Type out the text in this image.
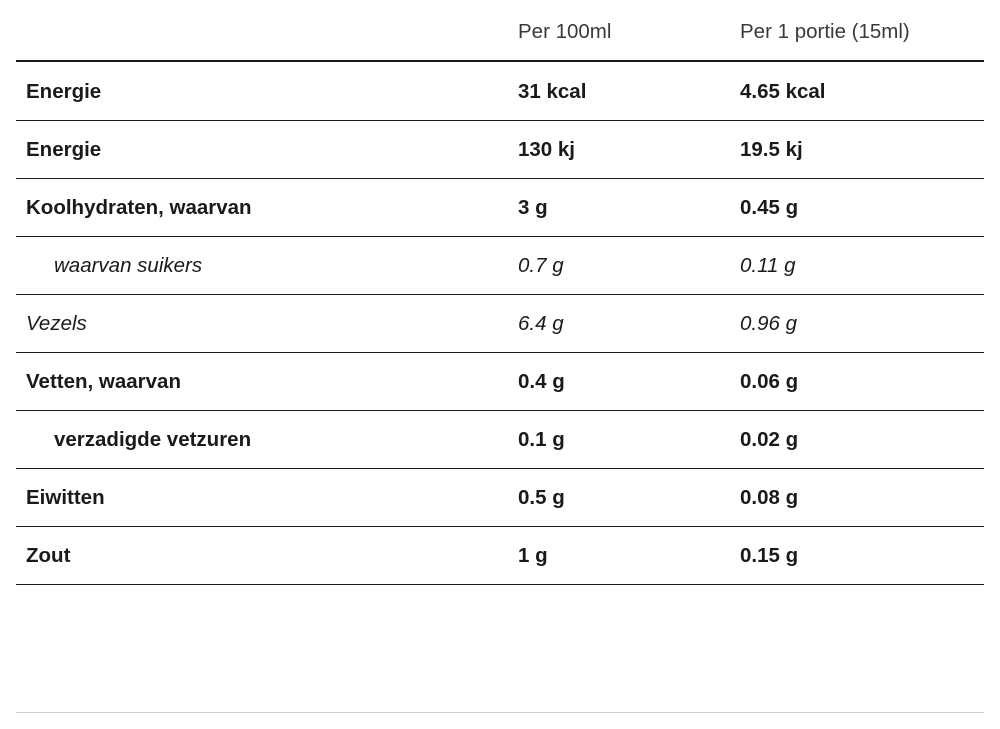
	Per 100ml	Per 1 portie (15ml)
Energie	31 kcal	4.65 kcal
Energie	130 kj	19.5 kj
Koolhydraten, waarvan	3 g	0.45 g
waarvan suikers	0.7 g	0.11 g
Vezels	6.4 g	0.96 g
Vetten, waarvan	0.4 g	0.06 g
verzadigde vetzuren	0.1 g	0.02 g
Eiwitten	0.5 g	0.08 g
Zout	1 g	0.15 g
